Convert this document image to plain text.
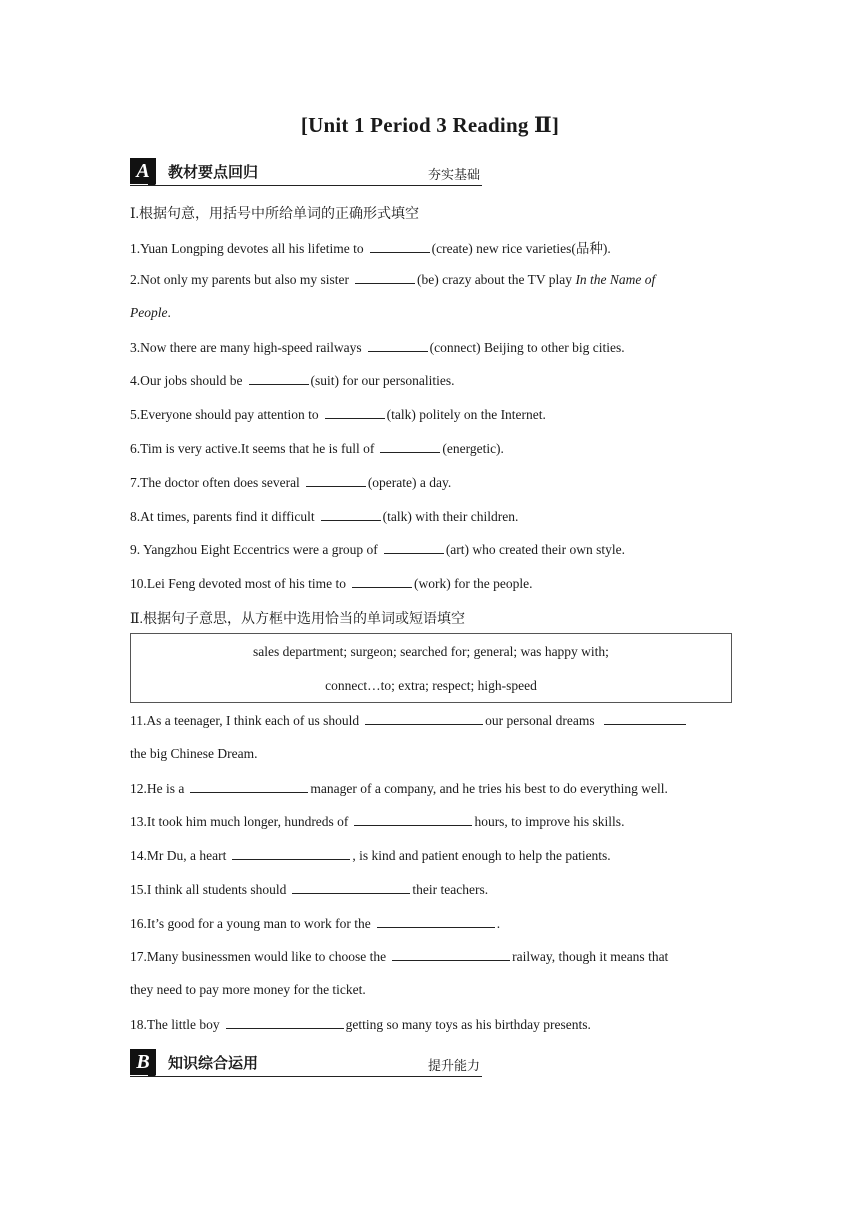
[Unit 1 Period 3 Reading Ⅱ]
A	教材要点回归	夯实基础
Ⅰ.根据句意，用括号中所给单词的正确形式填空
1.Yuan Longping devotes all his lifetime to	(create) new rice varieties(品种).
2.Not only my parents but also my sister	(be) crazy about the TV play In the Name of
People.
3.Now there are many high-speed railways	(connect) Beijing to other big cities.
4.Our jobs should be	(suit) for our personalities.
5.Everyone should pay attention to	(talk) politely on the Internet.
6.Tim is very active.It seems that he is full of	(energetic).
7.The doctor often does several	(operate) a day.
8.At times, parents find it difficult	(talk) with their children.
9. Yangzhou Eight Eccentrics were a group of	(art) who created their own style.
10.Lei Feng devoted most of his time to	(work) for the people.
Ⅱ.根据句子意思，从方框中选用恰当的单词或短语填空
sales department; surgeon; searched for; general; was happy with;
connect…to; extra; respect; high-speed
11.As a teenager, I think each of us should	our personal dreams
the big Chinese Dream.
12.He is a	manager of a company, and he tries his best to do everything well.
13.It took him much longer, hundreds of	hours, to improve his skills.
14.Mr Du, a heart	, is kind and patient enough to help the patients.
15.I think all students should	their teachers.
16.It’s good for a young man to work for the	.
17.Many businessmen would like to choose the	railway, though it means that
they need to pay more money for the ticket.
18.The little boy	getting so many toys as his birthday presents.
B	知识综合运用	提升能力
